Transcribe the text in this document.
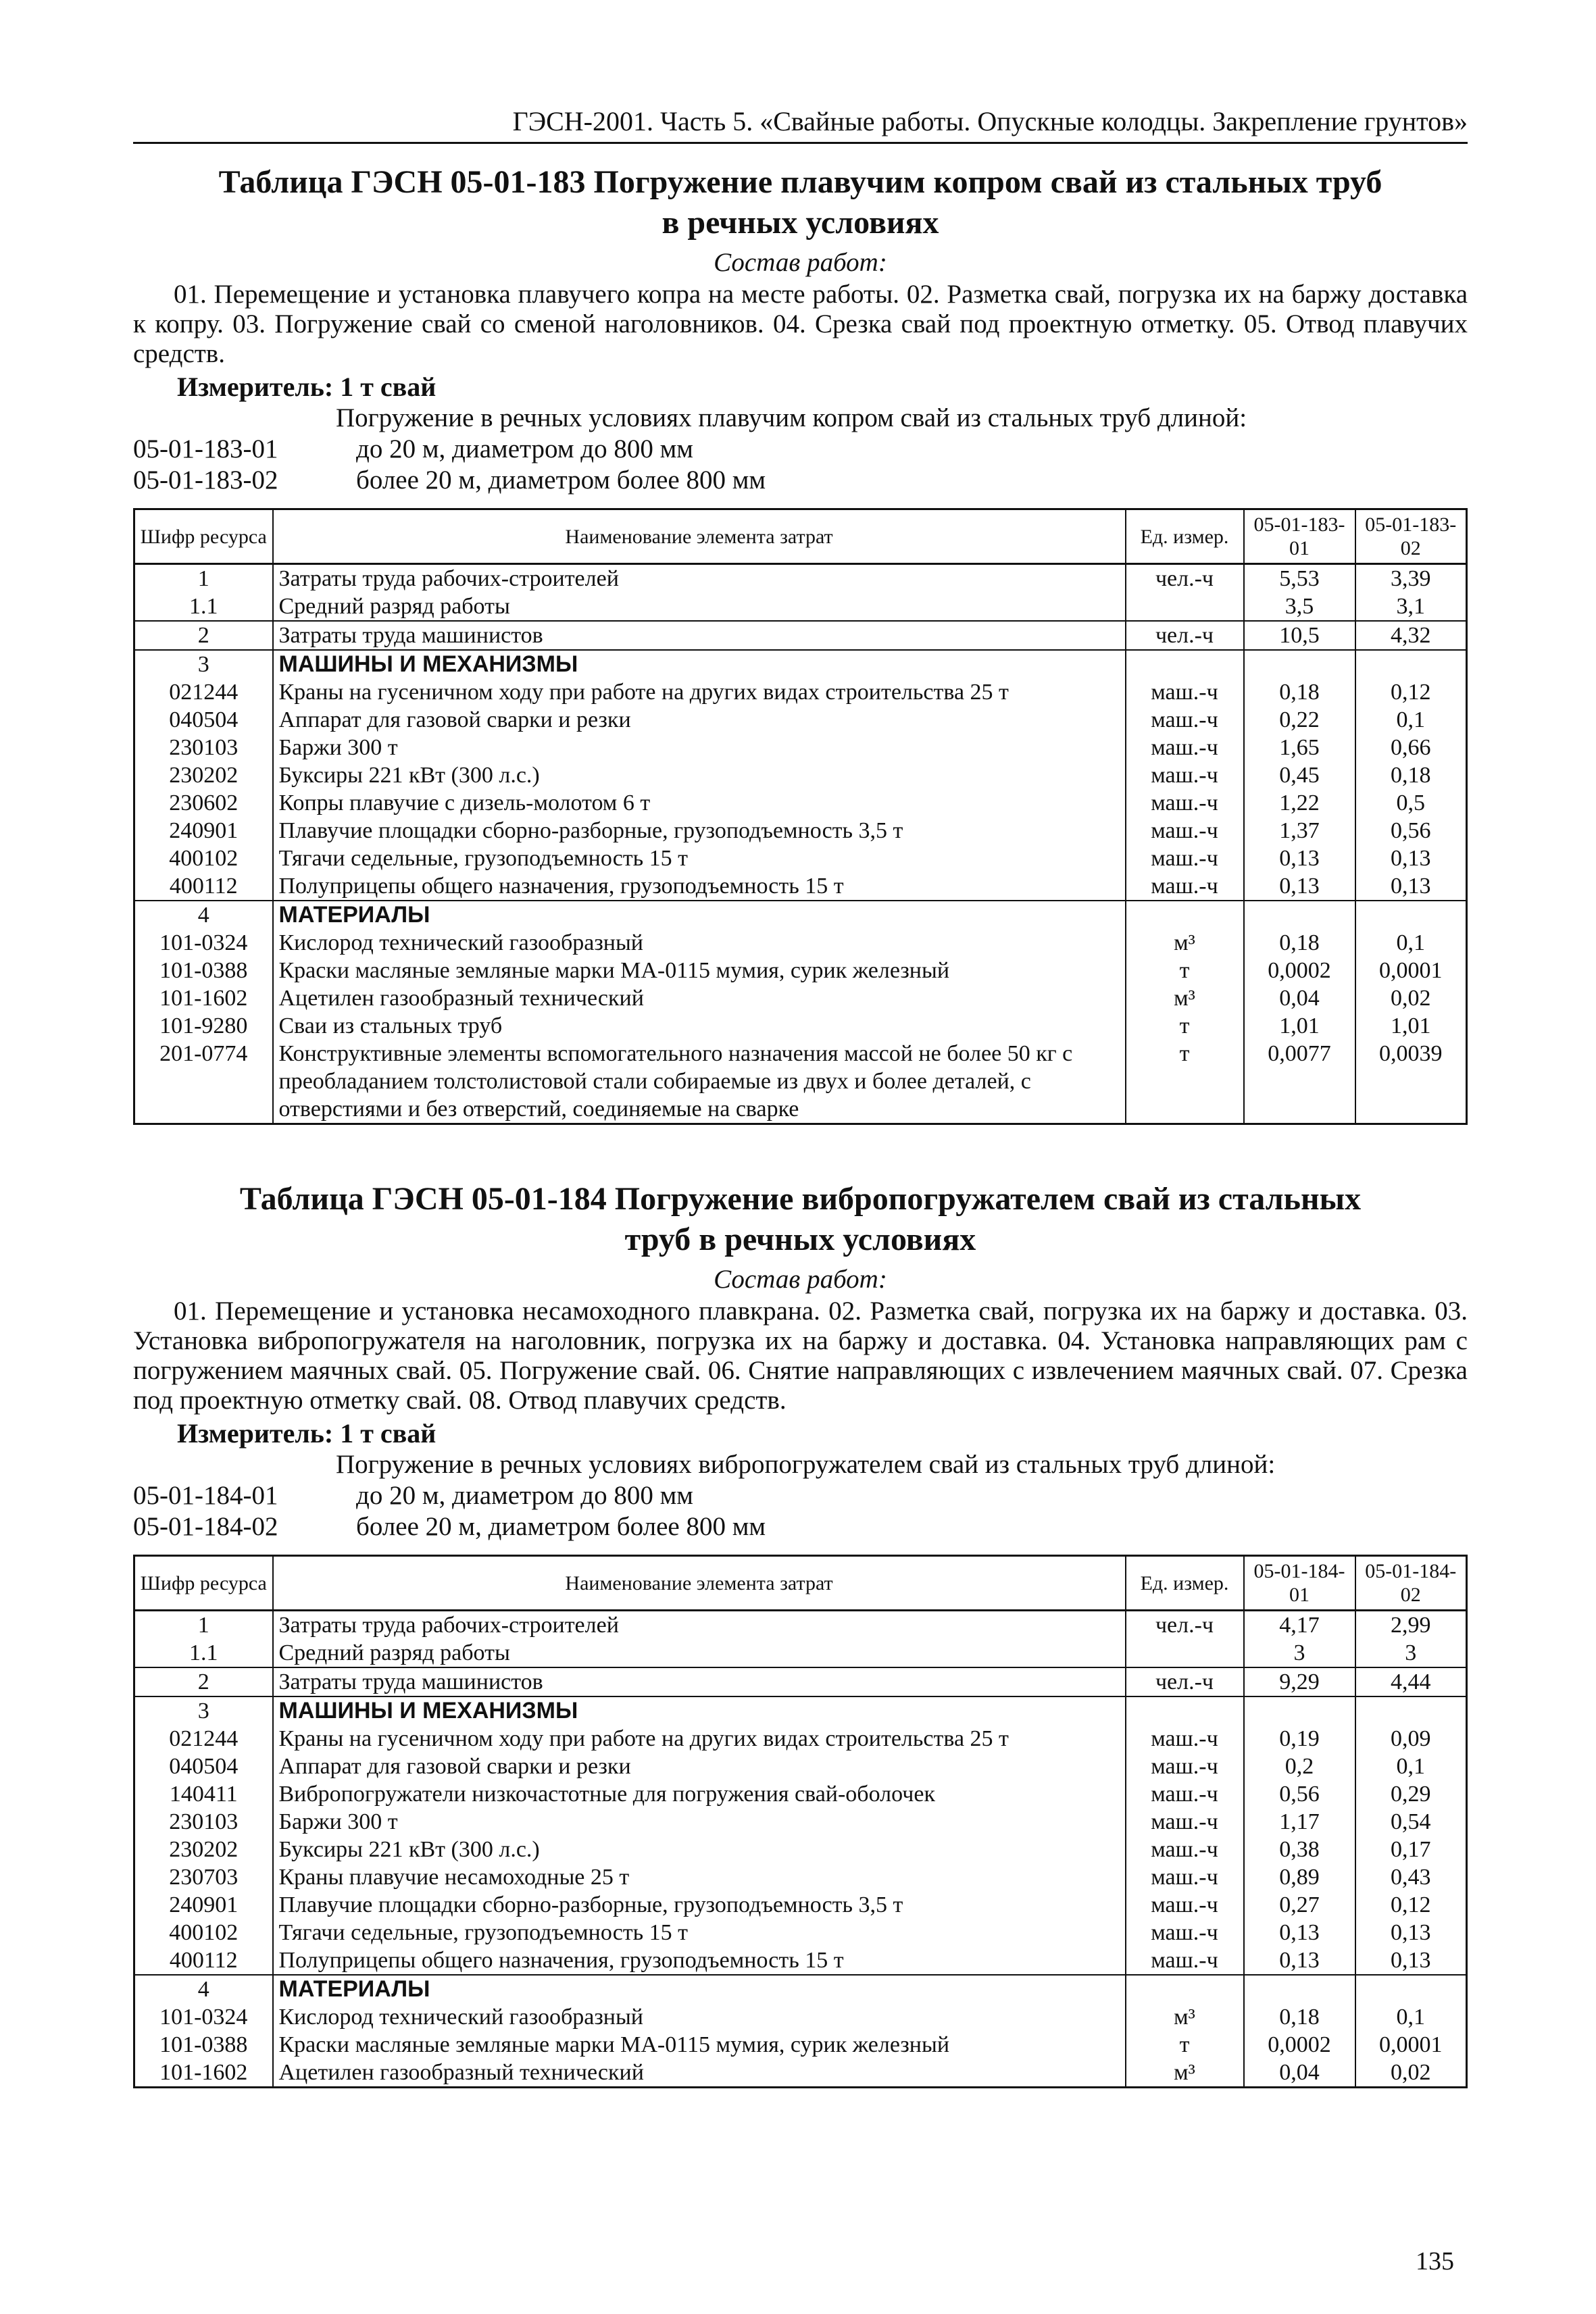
ГЭСН-2001. Часть 5. «Свайные работы. Опускные колодцы. Закрепление грунтов»
Таблица ГЭСН 05-01-183 Погружение плавучим копром свай из стальных труб в речных условиях

Состав работ:

01. Перемещение и установка плавучего копра на месте работы. 02. Разметка свай, погрузка их на баржу доставка к копру. 03. Погружение свай со сменой наголовников. 04. Срезка свай под проектную отметку. 05. Отвод плавучих средств.

Измеритель: 1 т свай

Погружение в речных условиях плавучим копром свай из стальных труб длиной:

05-01-183-01	до 20 м, диаметром до 800 мм
05-01-183-02	более 20 м, диаметром более 800 мм
Шифр ресурса	Наименование элемента затрат	Ед. измер.	05-01-183-01	05-01-183-02
1	Затраты труда рабочих-строителей	чел.-ч	5,53	3,39
1.1	Средний разряд работы		3,5	3,1
2	Затраты труда машинистов	чел.-ч	10,5	4,32
3	МАШИНЫ И МЕХАНИЗМЫ			
021244	Краны на гусеничном ходу при работе на других видах строительства 25 т	маш.-ч	0,18	0,12
040504	Аппарат для газовой сварки и резки	маш.-ч	0,22	0,1
230103	Баржи 300 т	маш.-ч	1,65	0,66
230202	Буксиры 221 кВт (300 л.с.)	маш.-ч	0,45	0,18
230602	Копры плавучие с дизель-молотом 6 т	маш.-ч	1,22	0,5
240901	Плавучие площадки сборно-разборные, грузоподъемность 3,5 т	маш.-ч	1,37	0,56
400102	Тягачи седельные, грузоподъемность 15 т	маш.-ч	0,13	0,13
400112	Полуприцепы общего назначения, грузоподъемность 15 т	маш.-ч	0,13	0,13
4	МАТЕРИАЛЫ			
101-0324	Кислород технический газообразный	м³	0,18	0,1
101-0388	Краски масляные земляные марки МА-0115 мумия, сурик железный	т	0,0002	0,0001
101-1602	Ацетилен газообразный технический	м³	0,04	0,02
101-9280	Сваи из стальных труб	т	1,01	1,01
201-0774	Конструктивные элементы вспомогательного назначения массой не более 50 кг с преобладанием толстолистовой стали собираемые из двух и более деталей, с отверстиями и без отверстий, соединяемые на сварке	т	0,0077	0,0039
Таблица ГЭСН 05-01-184 Погружение вибропогружателем свай из стальных труб в речных условиях

Состав работ:

01. Перемещение и установка несамоходного плавкрана. 02. Разметка свай, погрузка их на баржу и доставка. 03. Установка вибропогружателя на наголовник, погрузка их на баржу и доставка. 04. Установка направляющих рам с погружением маячных свай. 05. Погружение свай. 06. Снятие направляющих с извлечением маячных свай. 07. Срезка под проектную отметку свай. 08. Отвод плавучих средств.

Измеритель: 1 т свай

Погружение в речных условиях вибропогружателем свай из стальных труб длиной:

05-01-184-01	до 20 м, диаметром до 800 мм
05-01-184-02	более 20 м, диаметром более 800 мм
Шифр ресурса	Наименование элемента затрат	Ед. измер.	05-01-184-01	05-01-184-02
1	Затраты труда рабочих-строителей	чел.-ч	4,17	2,99
1.1	Средний разряд работы		3	3
2	Затраты труда машинистов	чел.-ч	9,29	4,44
3	МАШИНЫ И МЕХАНИЗМЫ			
021244	Краны на гусеничном ходу при работе на других видах строительства 25 т	маш.-ч	0,19	0,09
040504	Аппарат для газовой сварки и резки	маш.-ч	0,2	0,1
140411	Вибропогружатели низкочастотные для погружения свай-оболочек	маш.-ч	0,56	0,29
230103	Баржи 300 т	маш.-ч	1,17	0,54
230202	Буксиры 221 кВт (300 л.с.)	маш.-ч	0,38	0,17
230703	Краны плавучие несамоходные 25 т	маш.-ч	0,89	0,43
240901	Плавучие площадки сборно-разборные, грузоподъемность 3,5 т	маш.-ч	0,27	0,12
400102	Тягачи седельные, грузоподъемность 15 т	маш.-ч	0,13	0,13
400112	Полуприцепы общего назначения, грузоподъемность 15 т	маш.-ч	0,13	0,13
4	МАТЕРИАЛЫ			
101-0324	Кислород технический газообразный	м³	0,18	0,1
101-0388	Краски масляные земляные марки МА-0115 мумия, сурик железный	т	0,0002	0,0001
101-1602	Ацетилен газообразный технический	м³	0,04	0,02
135
